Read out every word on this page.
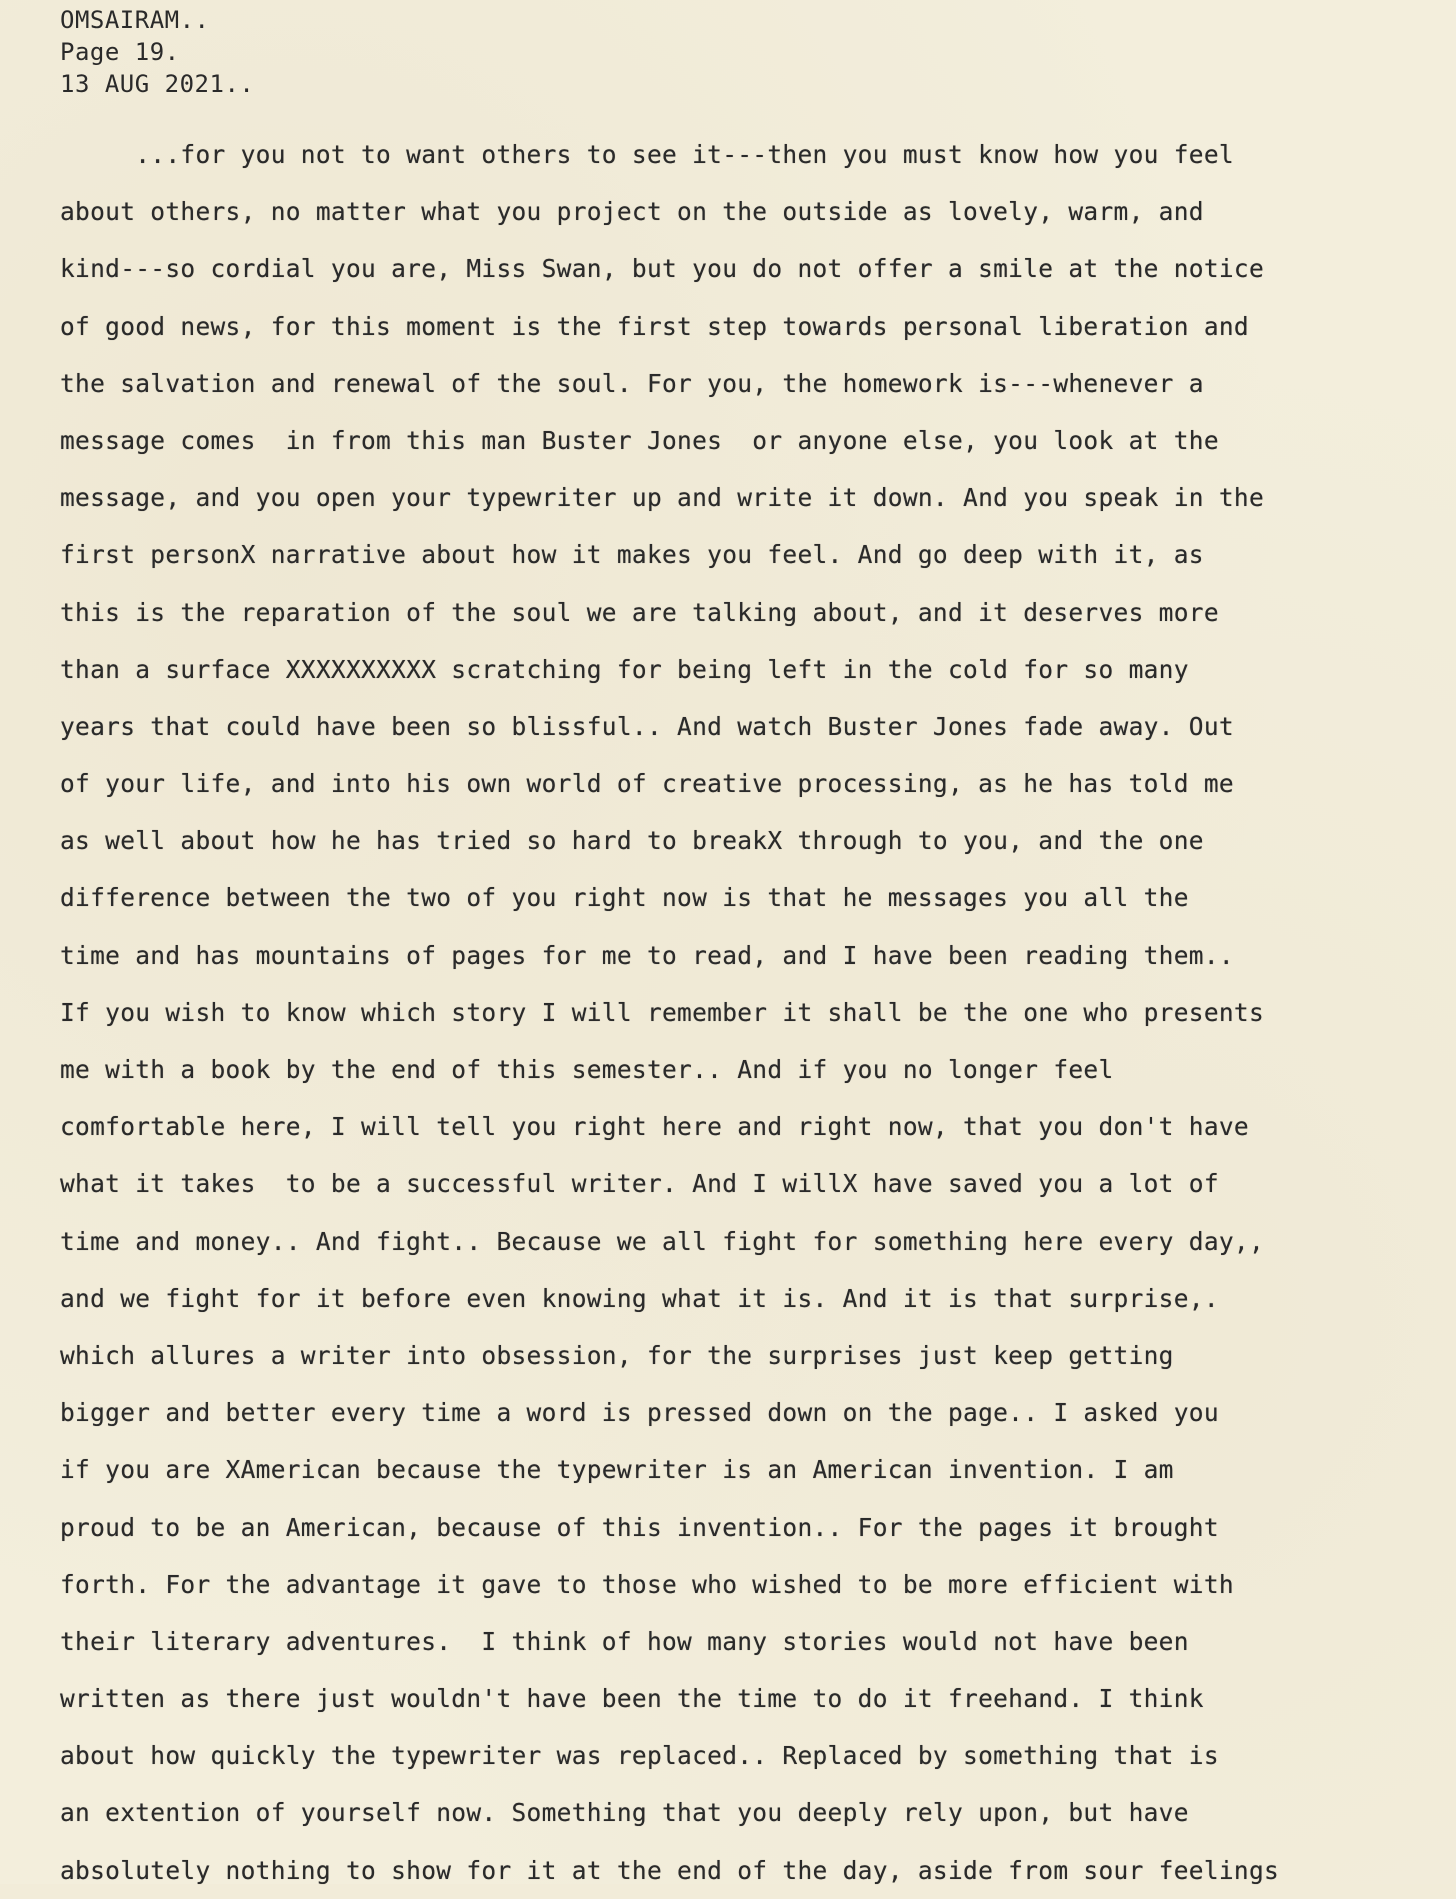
OMSAIRAM..
Page 19.
13 AUG 2021..
...for you not to want others to see it---then you must know how you feel
about others, no matter what you project on the outside as lovely, warm, and
kind---so cordial you are, Miss Swan, but you do not offer a smile at the notice
of good news, for this moment is the first step towards personal liberation and
the salvation and renewal of the soul. For you, the homework is---whenever a
message comes  in from this man Buster Jones  or anyone else, you look at the
message, and you open your typewriter up and write it down. And you speak in the
first personX narrative about how it makes you feel. And go deep with it, as
this is the reparation of the soul we are talking about, and it deserves more
than a surface XXXXXXXXXX scratching for being left in the cold for so many
years that could have been so blissful.. And watch Buster Jones fade away. Out
of your life, and into his own world of creative processing, as he has told me
as well about how he has tried so hard to breakX through to you, and the one
difference between the two of you right now is that he messages you all the
time and has mountains of pages for me to read, and I have been reading them..
If you wish to know which story I will remember it shall be the one who presents
me with a book by the end of this semester.. And if you no longer feel
comfortable here, I will tell you right here and right now, that you don't have
what it takes  to be a successful writer. And I willX have saved you a lot of
time and money.. And fight.. Because we all fight for something here every day,,
and we fight for it before even knowing what it is. And it is that surprise,.
which allures a writer into obsession, for the surprises just keep getting
bigger and better every time a word is pressed down on the page.. I asked you
if you are XAmerican because the typewriter is an American invention. I am
proud to be an American, because of this invention.. For the pages it brought
forth. For the advantage it gave to those who wished to be more efficient with
their literary adventures.  I think of how many stories would not have been
written as there just wouldn't have been the time to do it freehand. I think
about how quickly the typewriter was replaced.. Replaced by something that is
an extention of yourself now. Something that you deeply rely upon, but have
absolutely nothing to show for it at the end of the day, aside from sour feelings
